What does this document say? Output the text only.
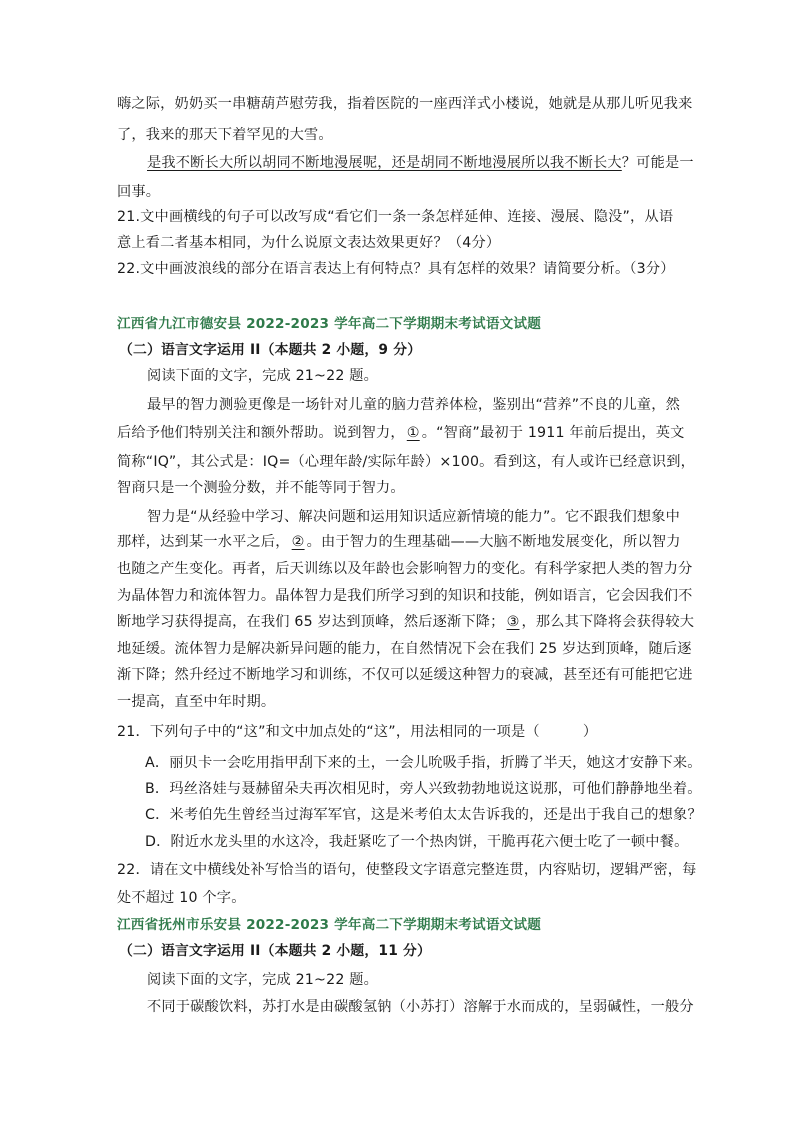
嗨之际，奶奶买一串糖葫芦慰劳我，指着医院的一座西洋式小楼说，她就是从那儿听见我来
了，我来的那天下着罕见的大雪。
是我不断长大所以胡同不断地漫展呢，还是胡同不断地漫展所以我不断长大？可能是一
回事。
21.文中画横线的句子可以改写成“看它们一条一条怎样延伸、连接、漫展、隐没”，从语
意上看二者基本相同，为什么说原文表达效果更好？（4分）
22.文中画波浪线的部分在语言表达上有何特点？具有怎样的效果？请简要分析。（3分）
江西省九江市德安县 2022-2023 学年高二下学期期末考试语文试题
（二）语言文字运用 II（本题共 2 小题，9 分）
阅读下面的文字，完成 21~22 题。
最早的智力测验更像是一场针对儿童的脑力营养体检，鉴别出“营养”不良的儿童，然
后给予他们特别关注和额外帮助。说到智力， ① 。“智商”最初于 1911 年前后提出，英文
简称“IQ”，其公式是：IQ=（心理年龄/实际年龄）×100。看到这，有人或许已经意识到，
智商只是一个测验分数，并不能等同于智力。
智力是“从经验中学习、解决问题和运用知识适应新情境的能力”。它不跟我们想象中
那样，达到某一水平之后， ② 。由于智力的生理基础——大脑不断地发展变化，所以智力
也随之产生变化。再者，后天训练以及年龄也会影响智力的变化。有科学家把人类的智力分
为晶体智力和流体智力。晶体智力是我们所学习到的知识和技能，例如语言，它会因我们不
断地学习获得提高，在我们 65 岁达到顶峰，然后逐渐下降； ③ ，那么其下降将会获得较大
地延缓。流体智力是解决新异问题的能力，在自然情况下会在我们 25 岁达到顶峰，随后逐
渐下降；然升经过不断地学习和训练，不仅可以延缓这种智力的衰减，甚至还有可能把它进
一提高，直至中年时期。
21．下列句子中的“这”和文中加点处的“这”，用法相同的一项是（　　　）
A．丽贝卡一会吃用指甲刮下来的土，一会儿吮吸手指，折腾了半天，她这才安静下来。
B．玛丝洛娃与聂赫留朵夫再次相见时，旁人兴致勃勃地说这说那，可他们静静地坐着。
C．米考伯先生曾经当过海军军官，这是米考伯太太告诉我的，还是出于我自己的想象？
D．附近水龙头里的水这冷，我赶紧吃了一个热肉饼，干脆再花六便士吃了一顿中餐。
22．请在文中横线处补写恰当的语句，使整段文字语意完整连贯，内容贴切，逻辑严密，每
处不超过 10 个字。
江西省抚州市乐安县 2022-2023 学年高二下学期期末考试语文试题
（二）语言文字运用 II（本题共 2 小题，11 分）
阅读下面的文字，完成 21~22 题。
不同于碳酸饮料，苏打水是由碳酸氢钠（小苏打）溶解于水而成的，呈弱碱性，一般分
